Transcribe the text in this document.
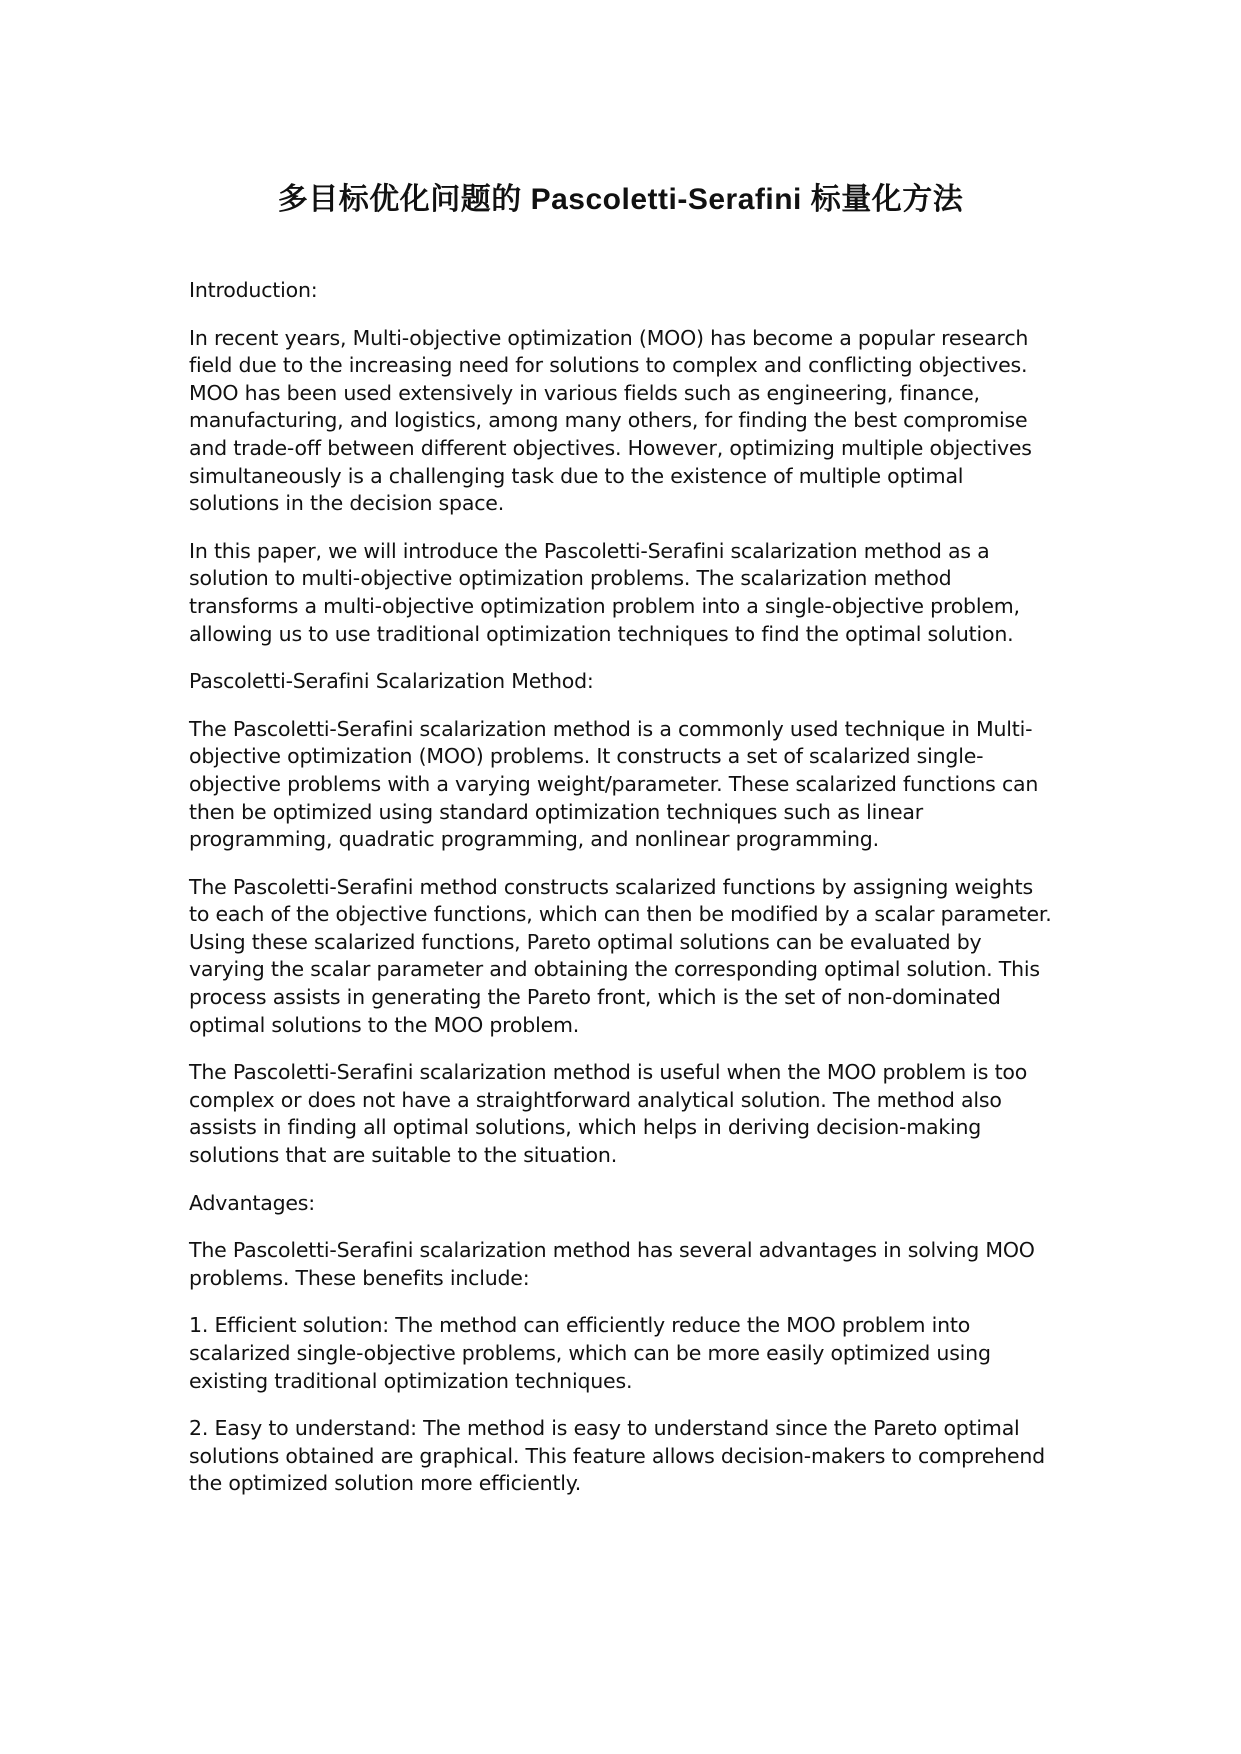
多目标优化问题的 Pascoletti-Serafini 标量化方法

Introduction:

In recent years, Multi-objective optimization (MOO) has become a popular research
field due to the increasing need for solutions to complex and conflicting objectives.
MOO has been used extensively in various fields such as engineering, finance,
manufacturing, and logistics, among many others, for finding the best compromise
and trade-off between different objectives. However, optimizing multiple objectives
simultaneously is a challenging task due to the existence of multiple optimal
solutions in the decision space.

In this paper, we will introduce the Pascoletti-Serafini scalarization method as a
solution to multi-objective optimization problems. The scalarization method
transforms a multi-objective optimization problem into a single-objective problem,
allowing us to use traditional optimization techniques to find the optimal solution.

Pascoletti-Serafini Scalarization Method:

The Pascoletti-Serafini scalarization method is a commonly used technique in Multi-
objective optimization (MOO) problems. It constructs a set of scalarized single-
objective problems with a varying weight/parameter. These scalarized functions can
then be optimized using standard optimization techniques such as linear
programming, quadratic programming, and nonlinear programming.

The Pascoletti-Serafini method constructs scalarized functions by assigning weights
to each of the objective functions, which can then be modified by a scalar parameter.
Using these scalarized functions, Pareto optimal solutions can be evaluated by
varying the scalar parameter and obtaining the corresponding optimal solution. This
process assists in generating the Pareto front, which is the set of non-dominated
optimal solutions to the MOO problem.

The Pascoletti-Serafini scalarization method is useful when the MOO problem is too
complex or does not have a straightforward analytical solution. The method also
assists in finding all optimal solutions, which helps in deriving decision-making
solutions that are suitable to the situation.

Advantages:

The Pascoletti-Serafini scalarization method has several advantages in solving MOO
problems. These benefits include:

1. Efficient solution: The method can efficiently reduce the MOO problem into
scalarized single-objective problems, which can be more easily optimized using
existing traditional optimization techniques.

2. Easy to understand: The method is easy to understand since the Pareto optimal
solutions obtained are graphical. This feature allows decision-makers to comprehend
the optimized solution more efficiently.
